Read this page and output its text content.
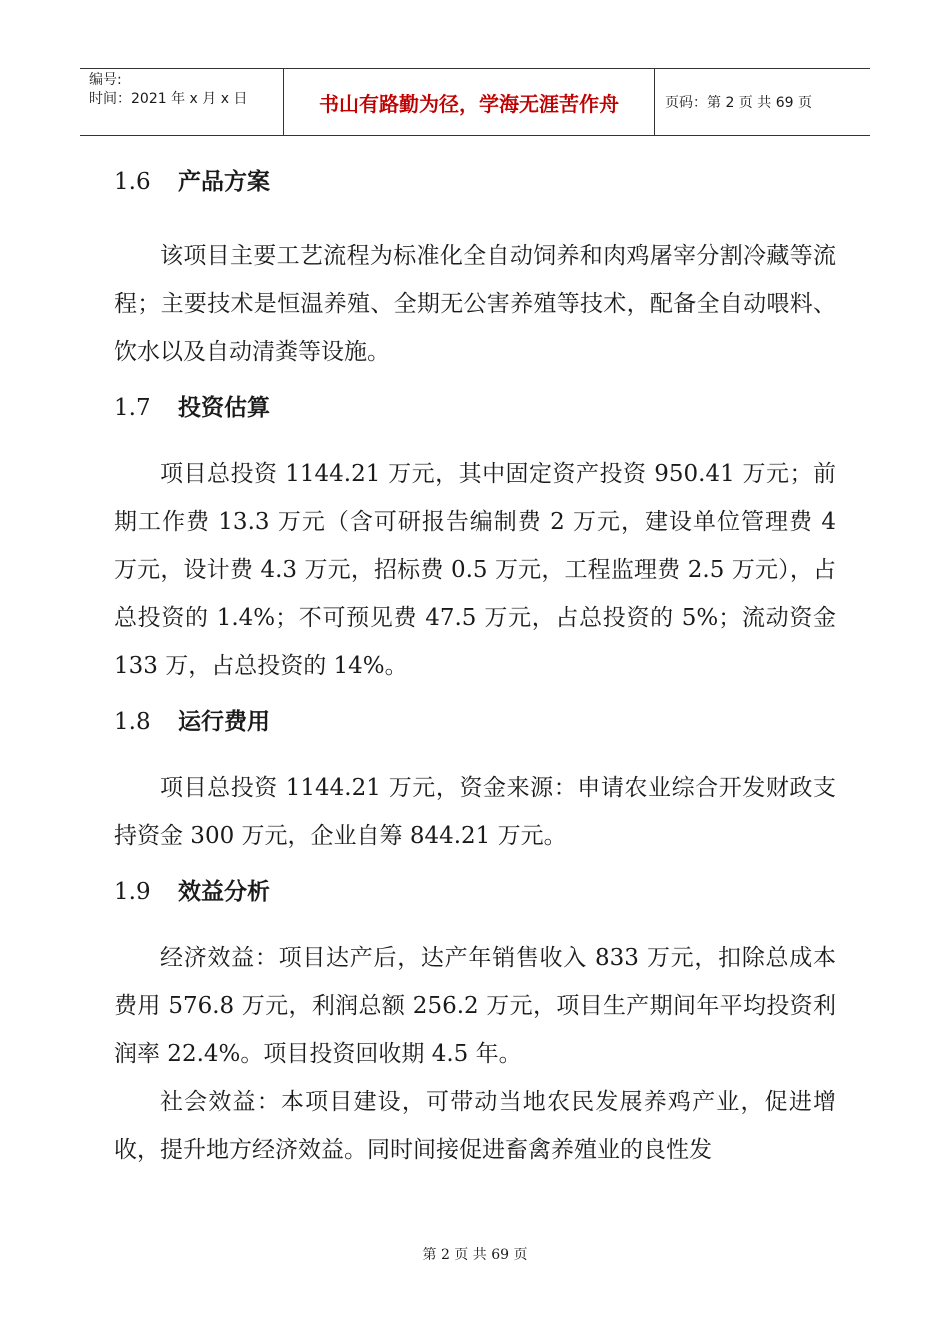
编号:
时间：2021 年 x 月 x 日	书山有路勤为径，学海无涯苦作舟	页码：第 2 页 共 69 页
1.6	产品方案

该项目主要工艺流程为标准化全自动饲养和肉鸡屠宰分割冷藏等流程；主要技术是恒温养殖、全期无公害养殖等技术，配备全自动喂料、饮水以及自动清粪等设施。

1.7	投资估算

项目总投资 1144.21 万元，其中固定资产投资 950.41 万元；前期工作费 13.3 万元（含可研报告编制费 2 万元，建设单位管理费 4 万元，设计费 4.3 万元，招标费 0.5 万元，工程监理费 2.5 万元），占总投资的 1.4%；不可预见费 47.5 万元，占总投资的 5%；流动资金 133 万，占总投资的 14%。

1.8	运行费用

项目总投资 1144.21 万元，资金来源：申请农业综合开发财政支持资金 300 万元，企业自筹 844.21 万元。

1.9	效益分析

经济效益：项目达产后，达产年销售收入 833 万元，扣除总成本费用 576.8 万元，利润总额 256.2 万元，项目生产期间年平均投资利润率 22.4%。项目投资回收期 4.5 年。

社会效益：本项目建设，可带动当地农民发展养鸡产业，促进增收，提升地方经济效益。同时间接促进畜禽养殖业的良性发

第 2 页 共 69 页
